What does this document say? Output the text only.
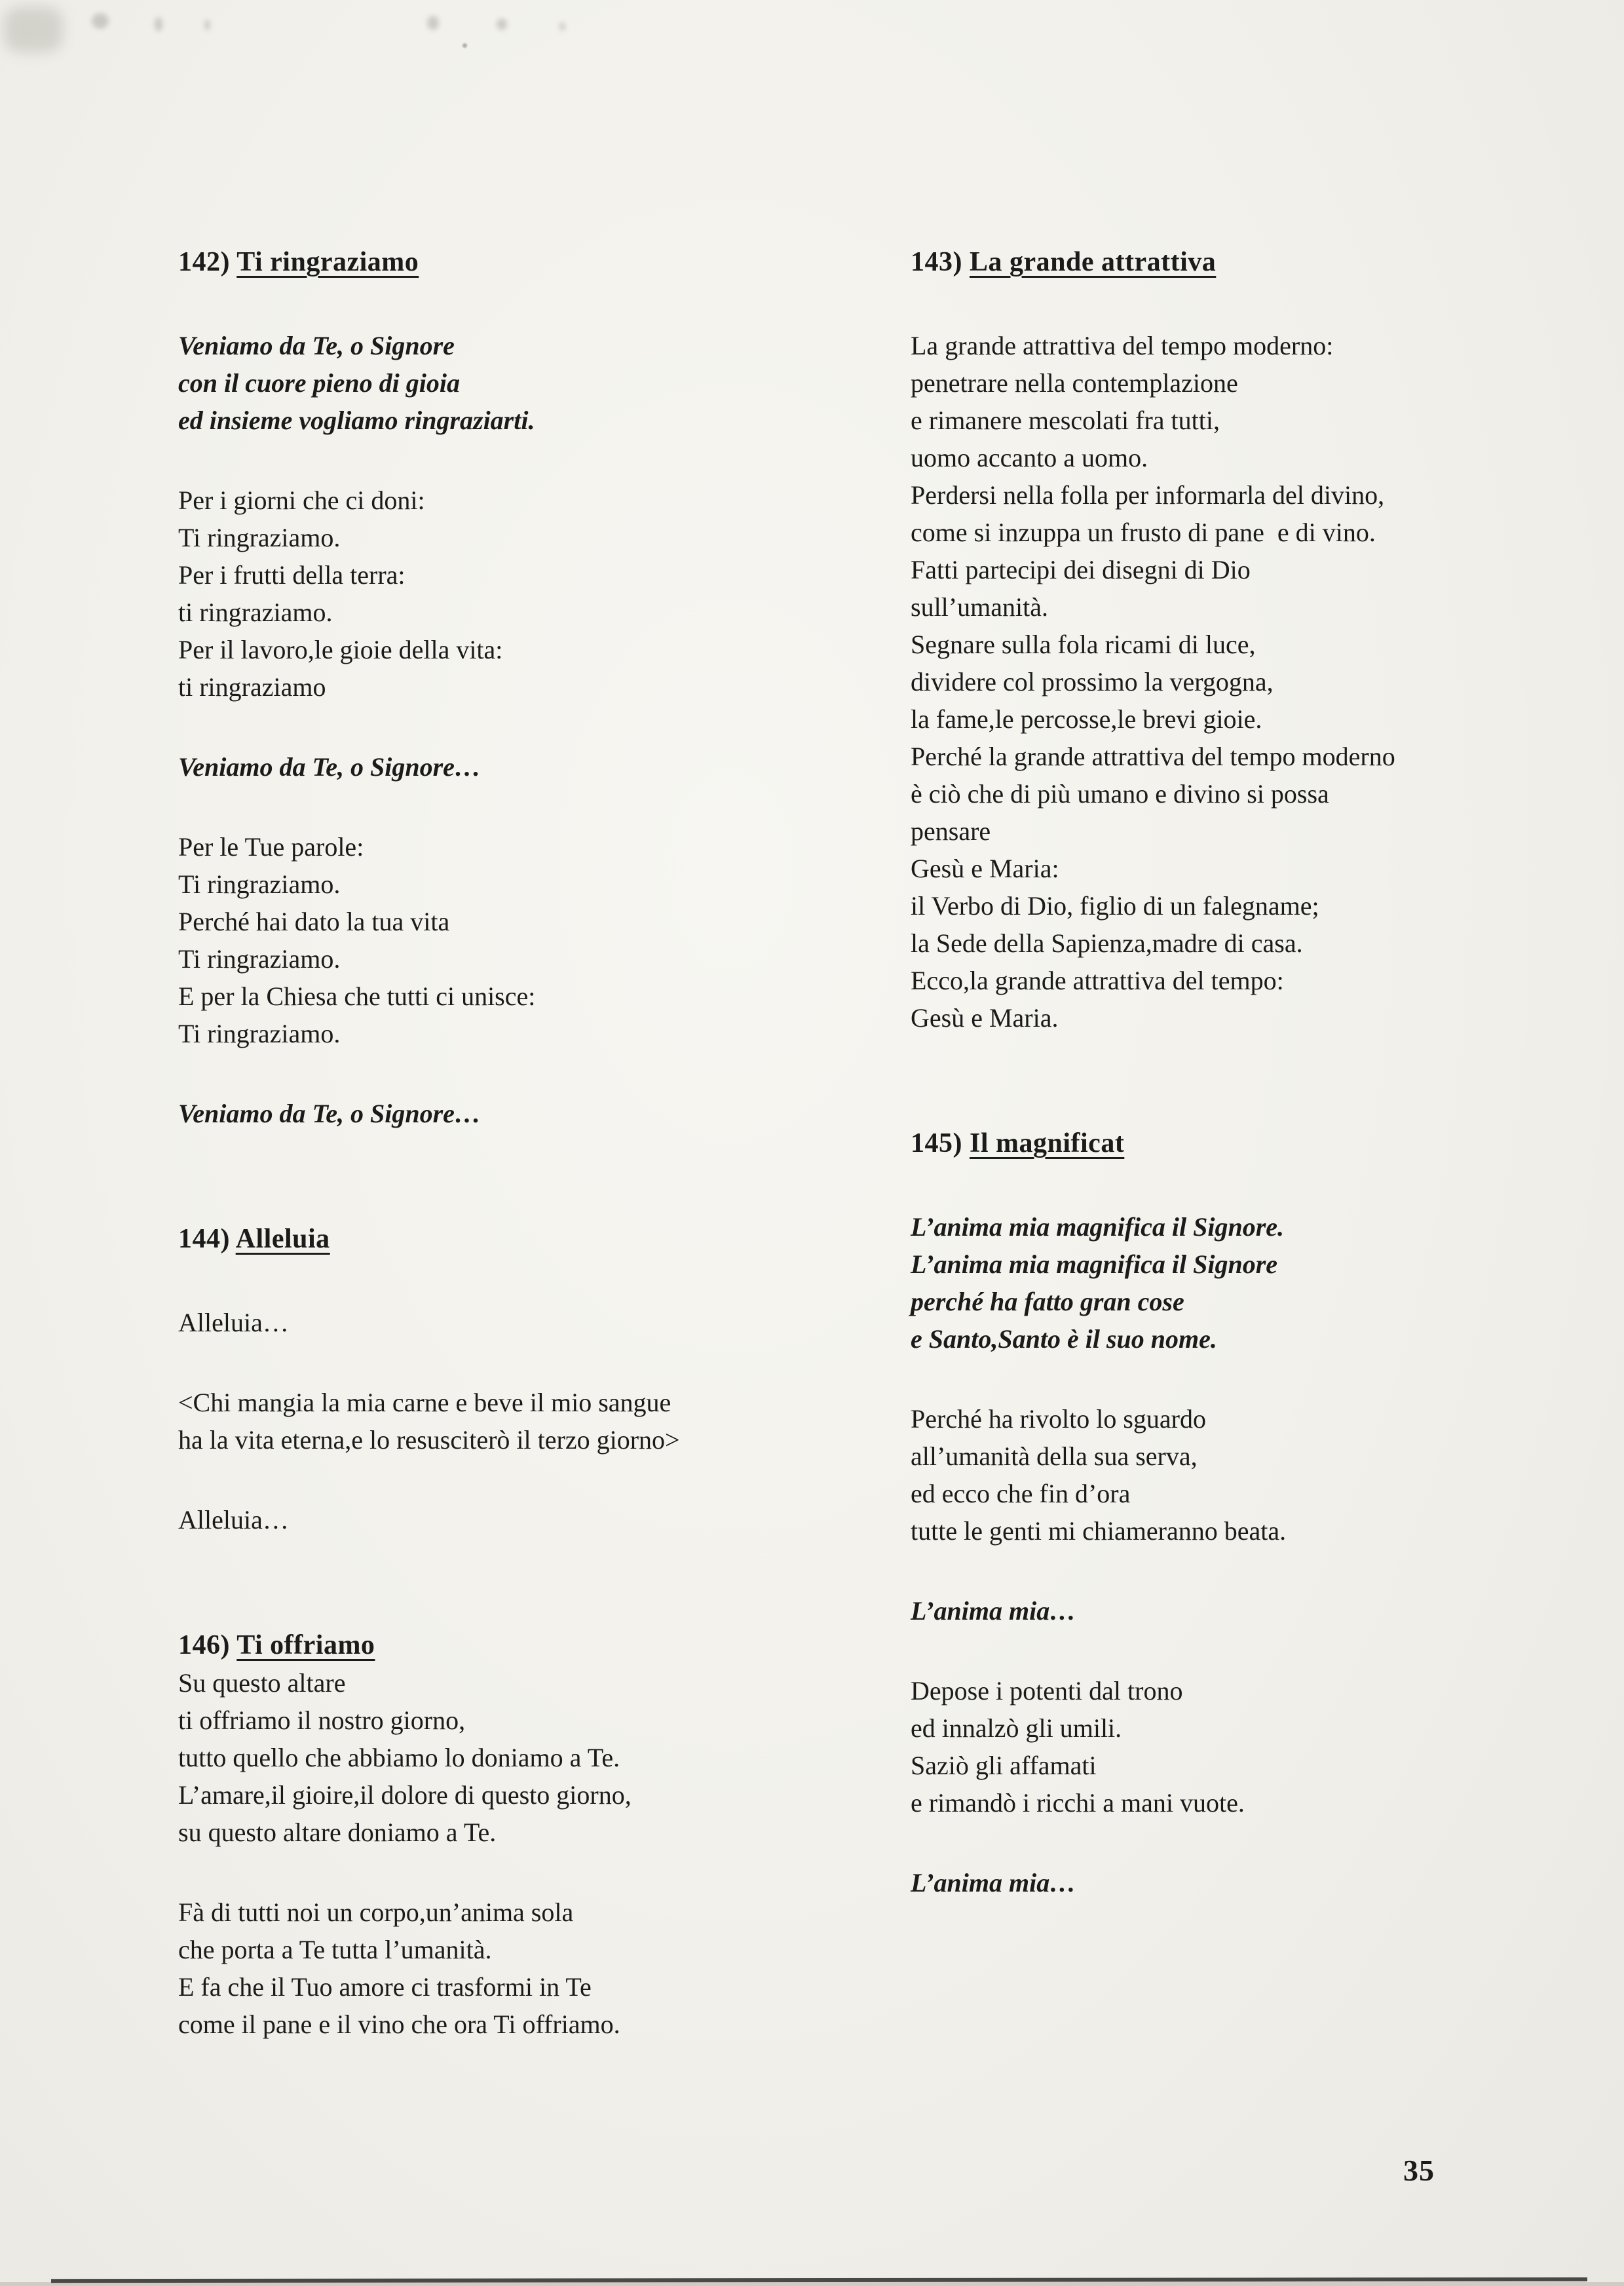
142) Ti ringraziamo
Veniamo da Te, o Signore
con il cuore pieno di gioia
ed insieme vogliamo ringraziarti.
Per i giorni che ci doni:
Ti ringraziamo.
Per i frutti della terra:
ti ringraziamo.
Per il lavoro,le gioie della vita:
ti ringraziamo
Veniamo da Te, o Signore…
Per le Tue parole:
Ti ringraziamo.
Perché hai dato la tua vita
Ti ringraziamo.
E per la Chiesa che tutti ci unisce:
Ti ringraziamo.
Veniamo da Te, o Signore…
144) Alleluia
Alleluia…
<Chi mangia la mia carne e beve il mio sangue
ha la vita eterna,e lo resusciterò il terzo giorno>
Alleluia…
146) Ti offriamo
Su questo altare
ti offriamo il nostro giorno,
tutto quello che abbiamo lo doniamo a Te.
L’amare,il gioire,il dolore di questo giorno,
su questo altare doniamo a Te.
Fà di tutti noi un corpo,un’anima sola
che porta a Te tutta l’umanità.
E fa che il Tuo amore ci trasformi in Te
come il pane e il vino che ora Ti offriamo.
143) La grande attrattiva
La grande attrattiva del tempo moderno:
penetrare nella contemplazione
e rimanere mescolati fra tutti,
uomo accanto a uomo.
Perdersi nella folla per informarla del divino,
come si inzuppa un frusto di pane  e di vino.
Fatti partecipi dei disegni di Dio
sull’umanità.
Segnare sulla fola ricami di luce,
dividere col prossimo la vergogna,
la fame,le percosse,le brevi gioie.
Perché la grande attrattiva del tempo moderno
è ciò che di più umano e divino si possa
pensare
Gesù e Maria:
il Verbo di Dio, figlio di un falegname;
la Sede della Sapienza,madre di casa.
Ecco,la grande attrattiva del tempo:
Gesù e Maria.
145) Il magnificat
L’anima mia magnifica il Signore.
L’anima mia magnifica il Signore
perché ha fatto gran cose
e Santo,Santo è il suo nome.
Perché ha rivolto lo sguardo
all’umanità della sua serva,
ed ecco che fin d’ora
tutte le genti mi chiameranno beata.
L’anima mia…
Depose i potenti dal trono
ed innalzò gli umili.
Saziò gli affamati
e rimandò i ricchi a mani vuote.
L’anima mia…
35
